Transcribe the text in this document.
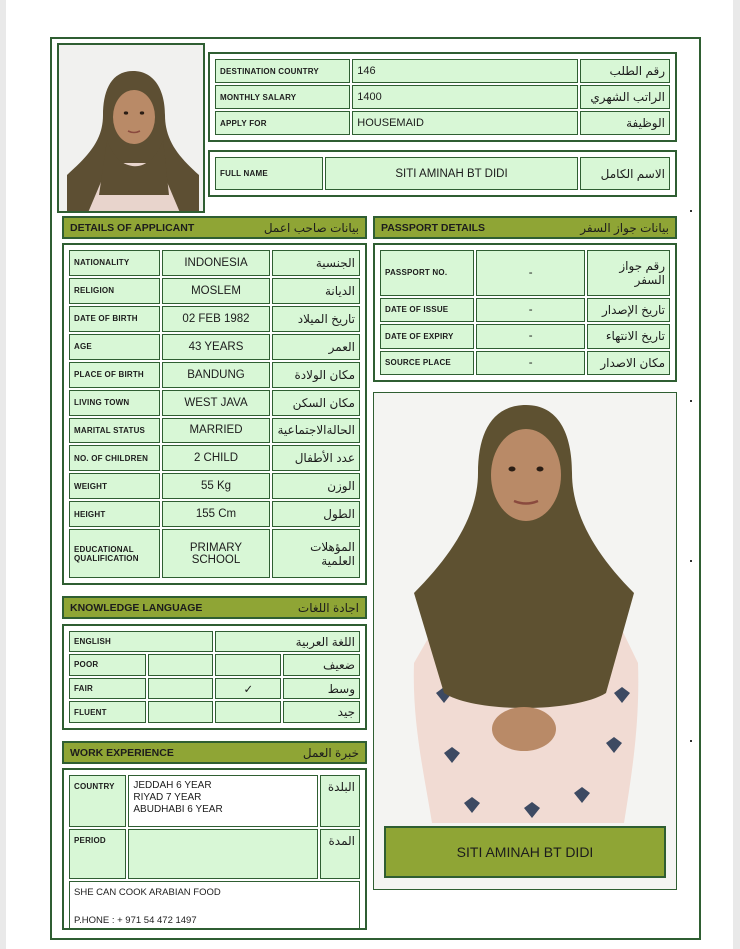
DESTINATION COUNTRY	146	رقم الطلب
MONTHLY SALARY	1400	الراتب الشهري
APPLY FOR	HOUSEMAID	الوظيفة
FULL NAME	SITI AMINAH BT DIDI	الاسم الكامل
DETAILS OF APPLICANT	بيانات صاحب اعمل
NATIONALITY	INDONESIA	الجنسية
RELIGION	MOSLEM	الديانة
DATE OF BIRTH	02 FEB 1982	تاريخ الميلاد
AGE	43 YEARS	العمر
PLACE OF BIRTH	BANDUNG	مكان الولادة
LIVING TOWN	WEST JAVA	مكان السكن
MARITAL STATUS	MARRIED	الحالةالاجتماعية
NO. OF CHILDREN	2 CHILD	عدد الأطفال
WEIGHT	55 Kg	الوزن
HEIGHT	155 Cm	الطول
EDUCATIONAL QUALIFICATION	PRIMARY SCHOOL	المؤهلات العلمية
PASSPORT DETAILS	بيانات جواز السفر
PASSPORT NO.	-	رقم جواز السفر
DATE OF ISSUE	-	تاريخ الإصدار
DATE OF EXPIRY	-	تاريخ الانتهاء
SOURCE PLACE	-	مكان الاصدار
SITI AMINAH BT DIDI
KNOWLEDGE LANGUAGE	اجادة اللغات
ENGLISH		اللغة العربية	
POOR			ضعيف
FAIR		✓	وسط
FLUENT			جيد
WORK EXPERIENCE	خبرة العمل
COUNTRY	JEDDAH 6 YEAR
RIYAD 7 YEAR
ABUDHABI 6 YEAR	البلدة
PERIOD		المدة

SHE CAN COOK ARABIAN FOOD
P.HONE : + 971 54 472 1497		
